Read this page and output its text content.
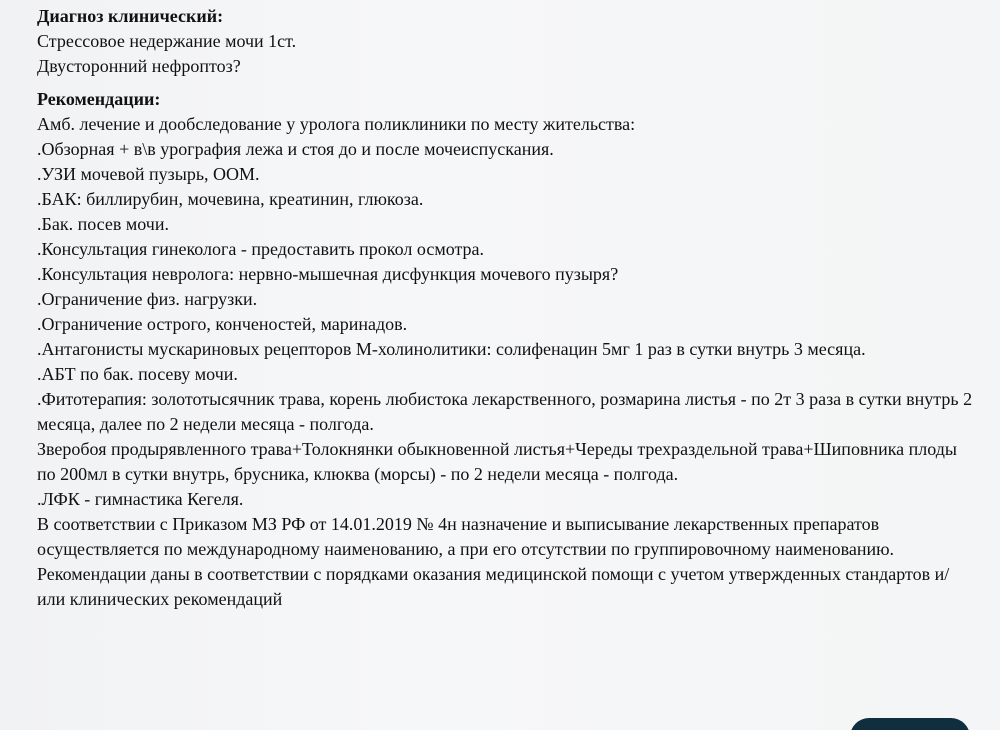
Диагноз клинический:

Стрессовое недержание мочи 1ст.

Двусторонний нефроптоз?

Рекомендации:

Амб. лечение и дообследование у уролога поликлиники по месту жительства:

.Обзорная + в\в урография лежа и стоя до и после мочеиспускания.

.УЗИ мочевой пузырь, ООМ.

.БАК: биллирубин, мочевина, креатинин, глюкоза.

.Бак. посев мочи.

.Консультация гинеколога - предоставить прокол осмотра.

.Консультация невролога: нервно-мышечная дисфункция мочевого пузыря?

.Ограничение физ. нагрузки.

.Ограничение острого, конченостей, маринадов.

.Антагонисты мускариновых рецепторов М-холинолитики: солифенацин 5мг 1 раз в сутки внутрь 3 месяца.

.АБТ по бак. посеву мочи.

.Фитотерапия: золототысячник трава, корень любистока лекарственного, розмарина листья - по 2т 3 раза в сутки внутрь 2 месяца, далее по 2 недели месяца - полгода.

Зверобоя продырявленного трава+Толокнянки обыкновенной листья+Череды трехраздельной трава+Шиповника плоды по 200мл в сутки внутрь, брусника, клюква (морсы) - по 2 недели месяца - полгода.

.ЛФК - гимнастика Кегеля.

В соответствии с Приказом МЗ РФ от 14.01.2019 № 4н назначение и выписывание лекарственных препаратов осуществляется по международному наименованию, а при его отсутствии по группировочному наименованию.

Рекомендации даны в соответствии с порядками оказания медицинской помощи с учетом утвержденных стандартов и/или клинических рекомендаций
